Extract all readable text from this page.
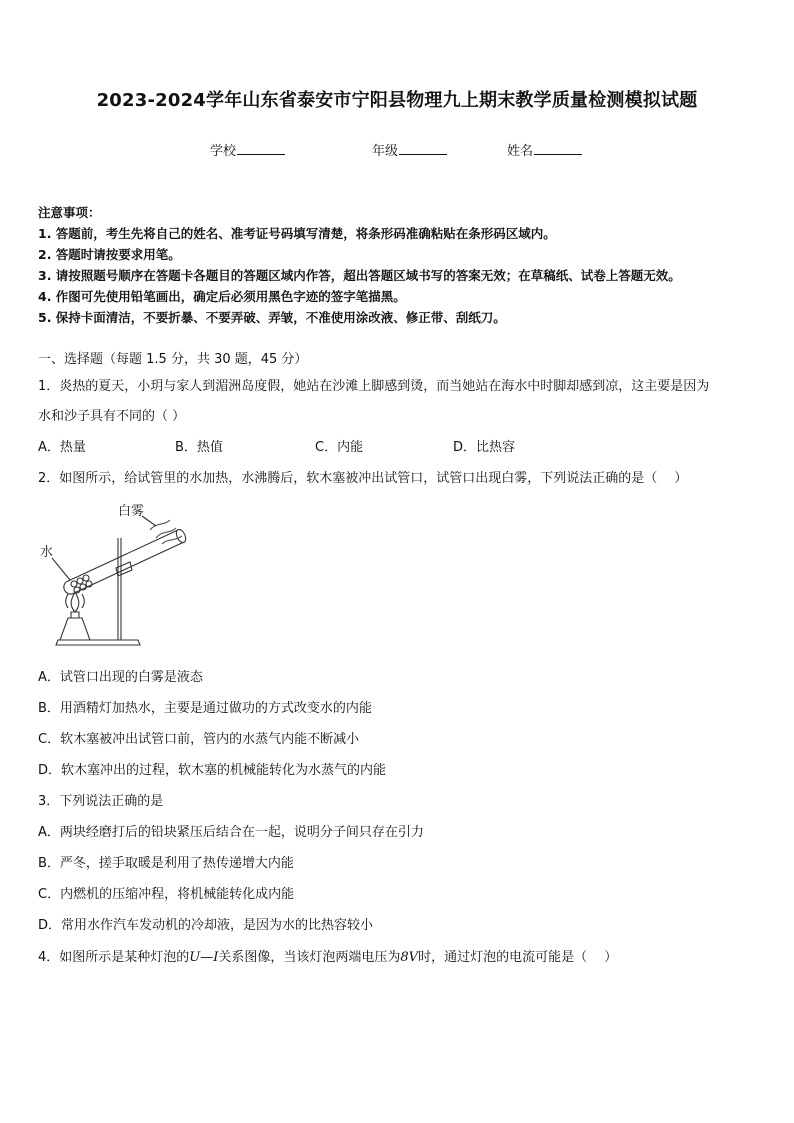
2023-2024学年山东省泰安市宁阳县物理九上期末教学质量检测模拟试题
学校	年级	姓名
注意事项：
1. 答题前，考生先将自己的姓名、准考证号码填写清楚，将条形码准确粘贴在条形码区域内。
2. 答题时请按要求用笔。
3. 请按照题号顺序在答题卡各题目的答题区域内作答，超出答题区域书写的答案无效；在草稿纸、试卷上答题无效。
4. 作图可先使用铅笔画出，确定后必须用黑色字迹的签字笔描黑。
5. 保持卡面清洁，不要折暴、不要弄破、弄皱，不准使用涂改液、修正带、刮纸刀。
一、选择题（每题 1.5 分，共 30 题，45 分）
1．炎热的夏天，小玥与家人到湄洲岛度假，她站在沙滩上脚感到烫，而当她站在海水中时脚却感到凉，这主要是因为
水和沙子具有不同的（ ）
A．热量	B．热值	C．内能	D．比热容
2．如图所示，给试管里的水加热，水沸腾后，软木塞被冲出试管口，试管口出现白雾，下列说法正确的是（　 ）
白雾
水
A．试管口出现的白雾是液态
B．用酒精灯加热水，主要是通过做功的方式改变水的内能
C．软木塞被冲出试管口前，管内的水蒸气内能不断减小
D．软木塞冲出的过程，软木塞的机械能转化为水蒸气的内能
3．下列说法正确的是
A．两块经磨打后的铅块紧压后结合在一起，说明分子间只存在引力
B．严冬，搓手取暖是利用了热传递增大内能
C．内燃机的压缩冲程，将机械能转化成内能
D．常用水作汽车发动机的冷却液，是因为水的比热容较小
4．如图所示是某种灯泡的U—I关系图像，当该灯泡两端电压为8V时，通过灯泡的电流可能是（　 ）
